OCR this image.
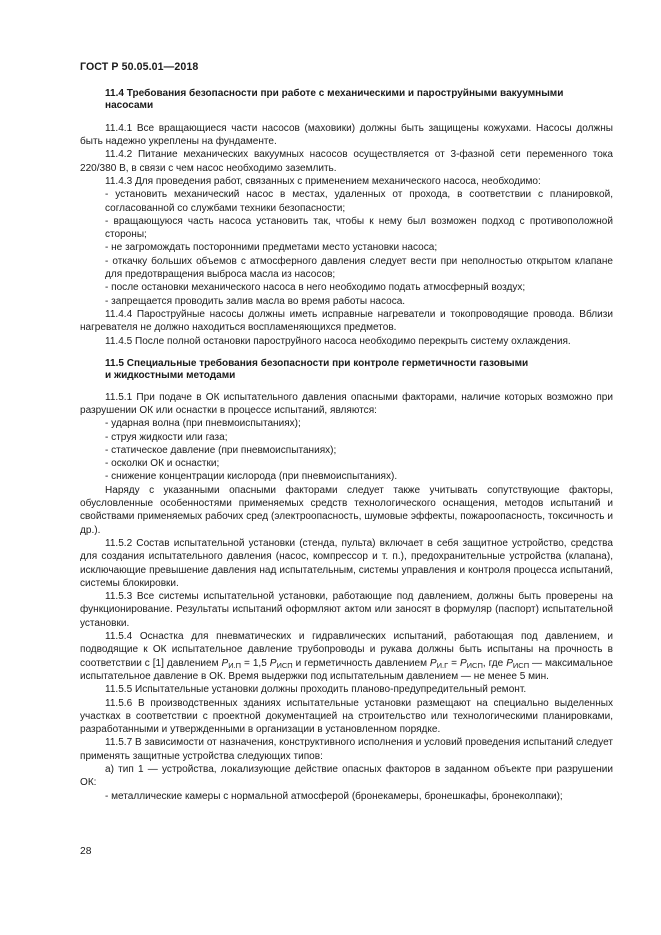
ГОСТ Р 50.05.01—2018
11.4 Требования безопасности при работе с механическими и пароструйными вакуумными насосами
11.4.1 Все вращающиеся части насосов (маховики) должны быть защищены кожухами. Насосы должны быть надежно укреплены на фундаменте.
11.4.2 Питание механических вакуумных насосов осуществляется от 3-фазной сети переменного тока 220/380 В, в связи с чем насос необходимо заземлить.
11.4.3 Для проведения работ, связанных с применением механического насоса, необходимо:
- установить механический насос в местах, удаленных от прохода, в соответствии с планировкой, согласованной со службами техники безопасности;
- вращающуюся часть насоса установить так, чтобы к нему был возможен подход с противоположной стороны;
- не загромождать посторонними предметами место установки насоса;
- откачку больших объемов с атмосферного давления следует вести при неполностью открытом клапане для предотвращения выброса масла из насосов;
- после остановки механического насоса в него необходимо подать атмосферный воздух;
- запрещается проводить залив масла во время работы насоса.
11.4.4 Пароструйные насосы должны иметь исправные нагреватели и токопроводящие провода. Вблизи нагревателя не должно находиться воспламеняющихся предметов.
11.4.5 После полной остановки пароструйного насоса необходимо перекрыть систему охлаждения.
11.5 Специальные требования безопасности при контроле герметичности газовыми
и жидкостными методами
11.5.1 При подаче в ОК испытательного давления опасными факторами, наличие которых возможно при разрушении ОК или оснастки в процессе испытаний, являются:
- ударная волна (при пневмоиспытаниях);
- струя жидкости или газа;
- статическое давление (при пневмоиспытаниях);
- осколки ОК и оснастки;
- снижение концентрации кислорода (при пневмоиспытаниях).
Наряду с указанными опасными факторами следует также учитывать сопутствующие факторы, обусловленные особенностями применяемых средств технологического оснащения, методов испытаний и свойствами применяемых рабочих сред (электроопасность, шумовые эффекты, пожароопасность, токсичность и др.).
11.5.2 Состав испытательной установки (стенда, пульта) включает в себя защитное устройство, средства для создания испытательного давления (насос, компрессор и т. п.), предохранительные устройства (клапана), исключающие превышение давления над испытательным, системы управления и контроля процесса испытаний, системы блокировки.
11.5.3 Все системы испытательной установки, работающие под давлением, должны быть проверены на функционирование. Результаты испытаний оформляют актом или заносят в формуляр (паспорт) испытательной установки.
11.5.4 Оснастка для пневматических и гидравлических испытаний, работающая под давлением, и подводящие к ОК испытательное давление трубопроводы и рукава должны быть испытаны на прочность в соответствии с [1] давлением $P_{И.П} = 1,5$ $P_{ИСП}$ и герметичность давлением $P_{И.Г} = P_{ИСП}$, где $P_{ИСП}$ — максимальное испытательное давление в ОК. Время выдержки под испытательным давлением — не менее 5 мин.
11.5.5 Испытательные установки должны проходить планово-предупредительный ремонт.
11.5.6 В производственных зданиях испытательные установки размещают на специально выделенных участках в соответствии с проектной документацией на строительство или технологическими планировками, разработанными и утвержденными в организации в установленном порядке.
11.5.7 В зависимости от назначения, конструктивного исполнения и условий проведения испытаний следует применять защитные устройства следующих типов:
а) тип 1 — устройства, локализующие действие опасных факторов в заданном объекте при разрушении ОК:
- металлические камеры с нормальной атмосферой (бронекамеры, бронешкафы, бронеколпаки);
28
